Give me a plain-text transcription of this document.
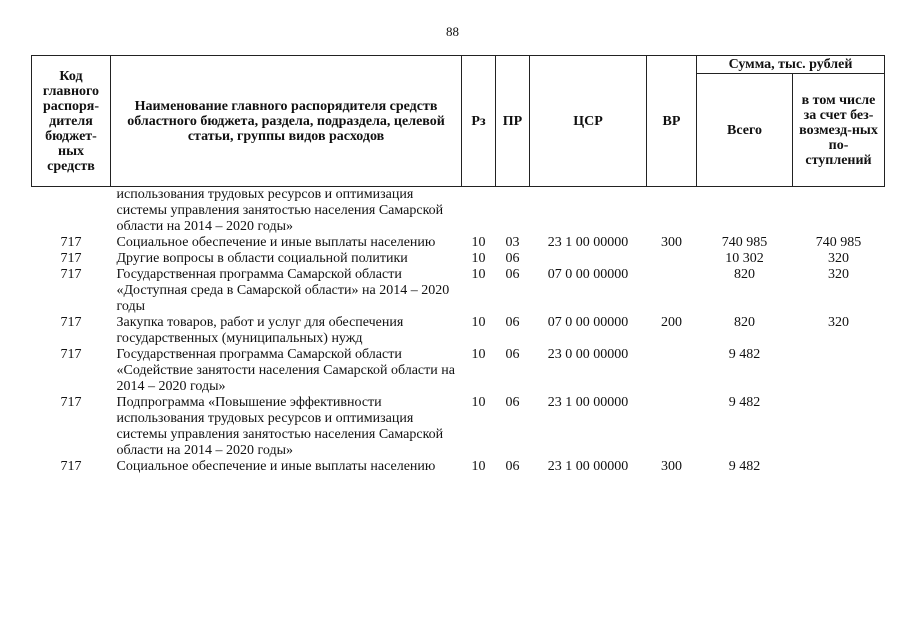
88
Код главного распоря-дителя бюджет-ных средств	Наименование главного распорядителя средств областного бюджета, раздела, подраздела, целевой статьи, группы видов расходов	Рз	ПР	ЦСР	ВР	Сумма, тыс. рублей	
						Всего	в том числе за счет без-возмезд-ных по-ступлений
	использования трудовых ресурсов и оптимизация системы управления занятостью населения Самарской области на 2014 – 2020 годы»						
717	Социальное обеспечение и иные выплаты населению	10	03	23 1 00 00000	300	740 985	740 985
717	Другие вопросы в области социальной политики	10	06			10 302	320
717	Государственная программа Самарской области «Доступная среда в Самарской области» на 2014 – 2020 годы	10	06	07 0 00 00000		820	320
717	Закупка товаров, работ и услуг для обеспечения государственных (муниципальных) нужд	10	06	07 0 00 00000	200	820	320
717	Государственная программа Самарской области «Содействие занятости населения Самарской области на 2014 – 2020 годы»	10	06	23 0 00 00000		9 482	
717	Подпрограмма «Повышение эффективности использования трудовых ресурсов и оптимизация системы управления занятостью населения Самарской области на 2014 – 2020 годы»	10	06	23 1 00 00000		9 482	
717	Социальное обеспечение и иные выплаты населению	10	06	23 1 00 00000	300	9 482	
